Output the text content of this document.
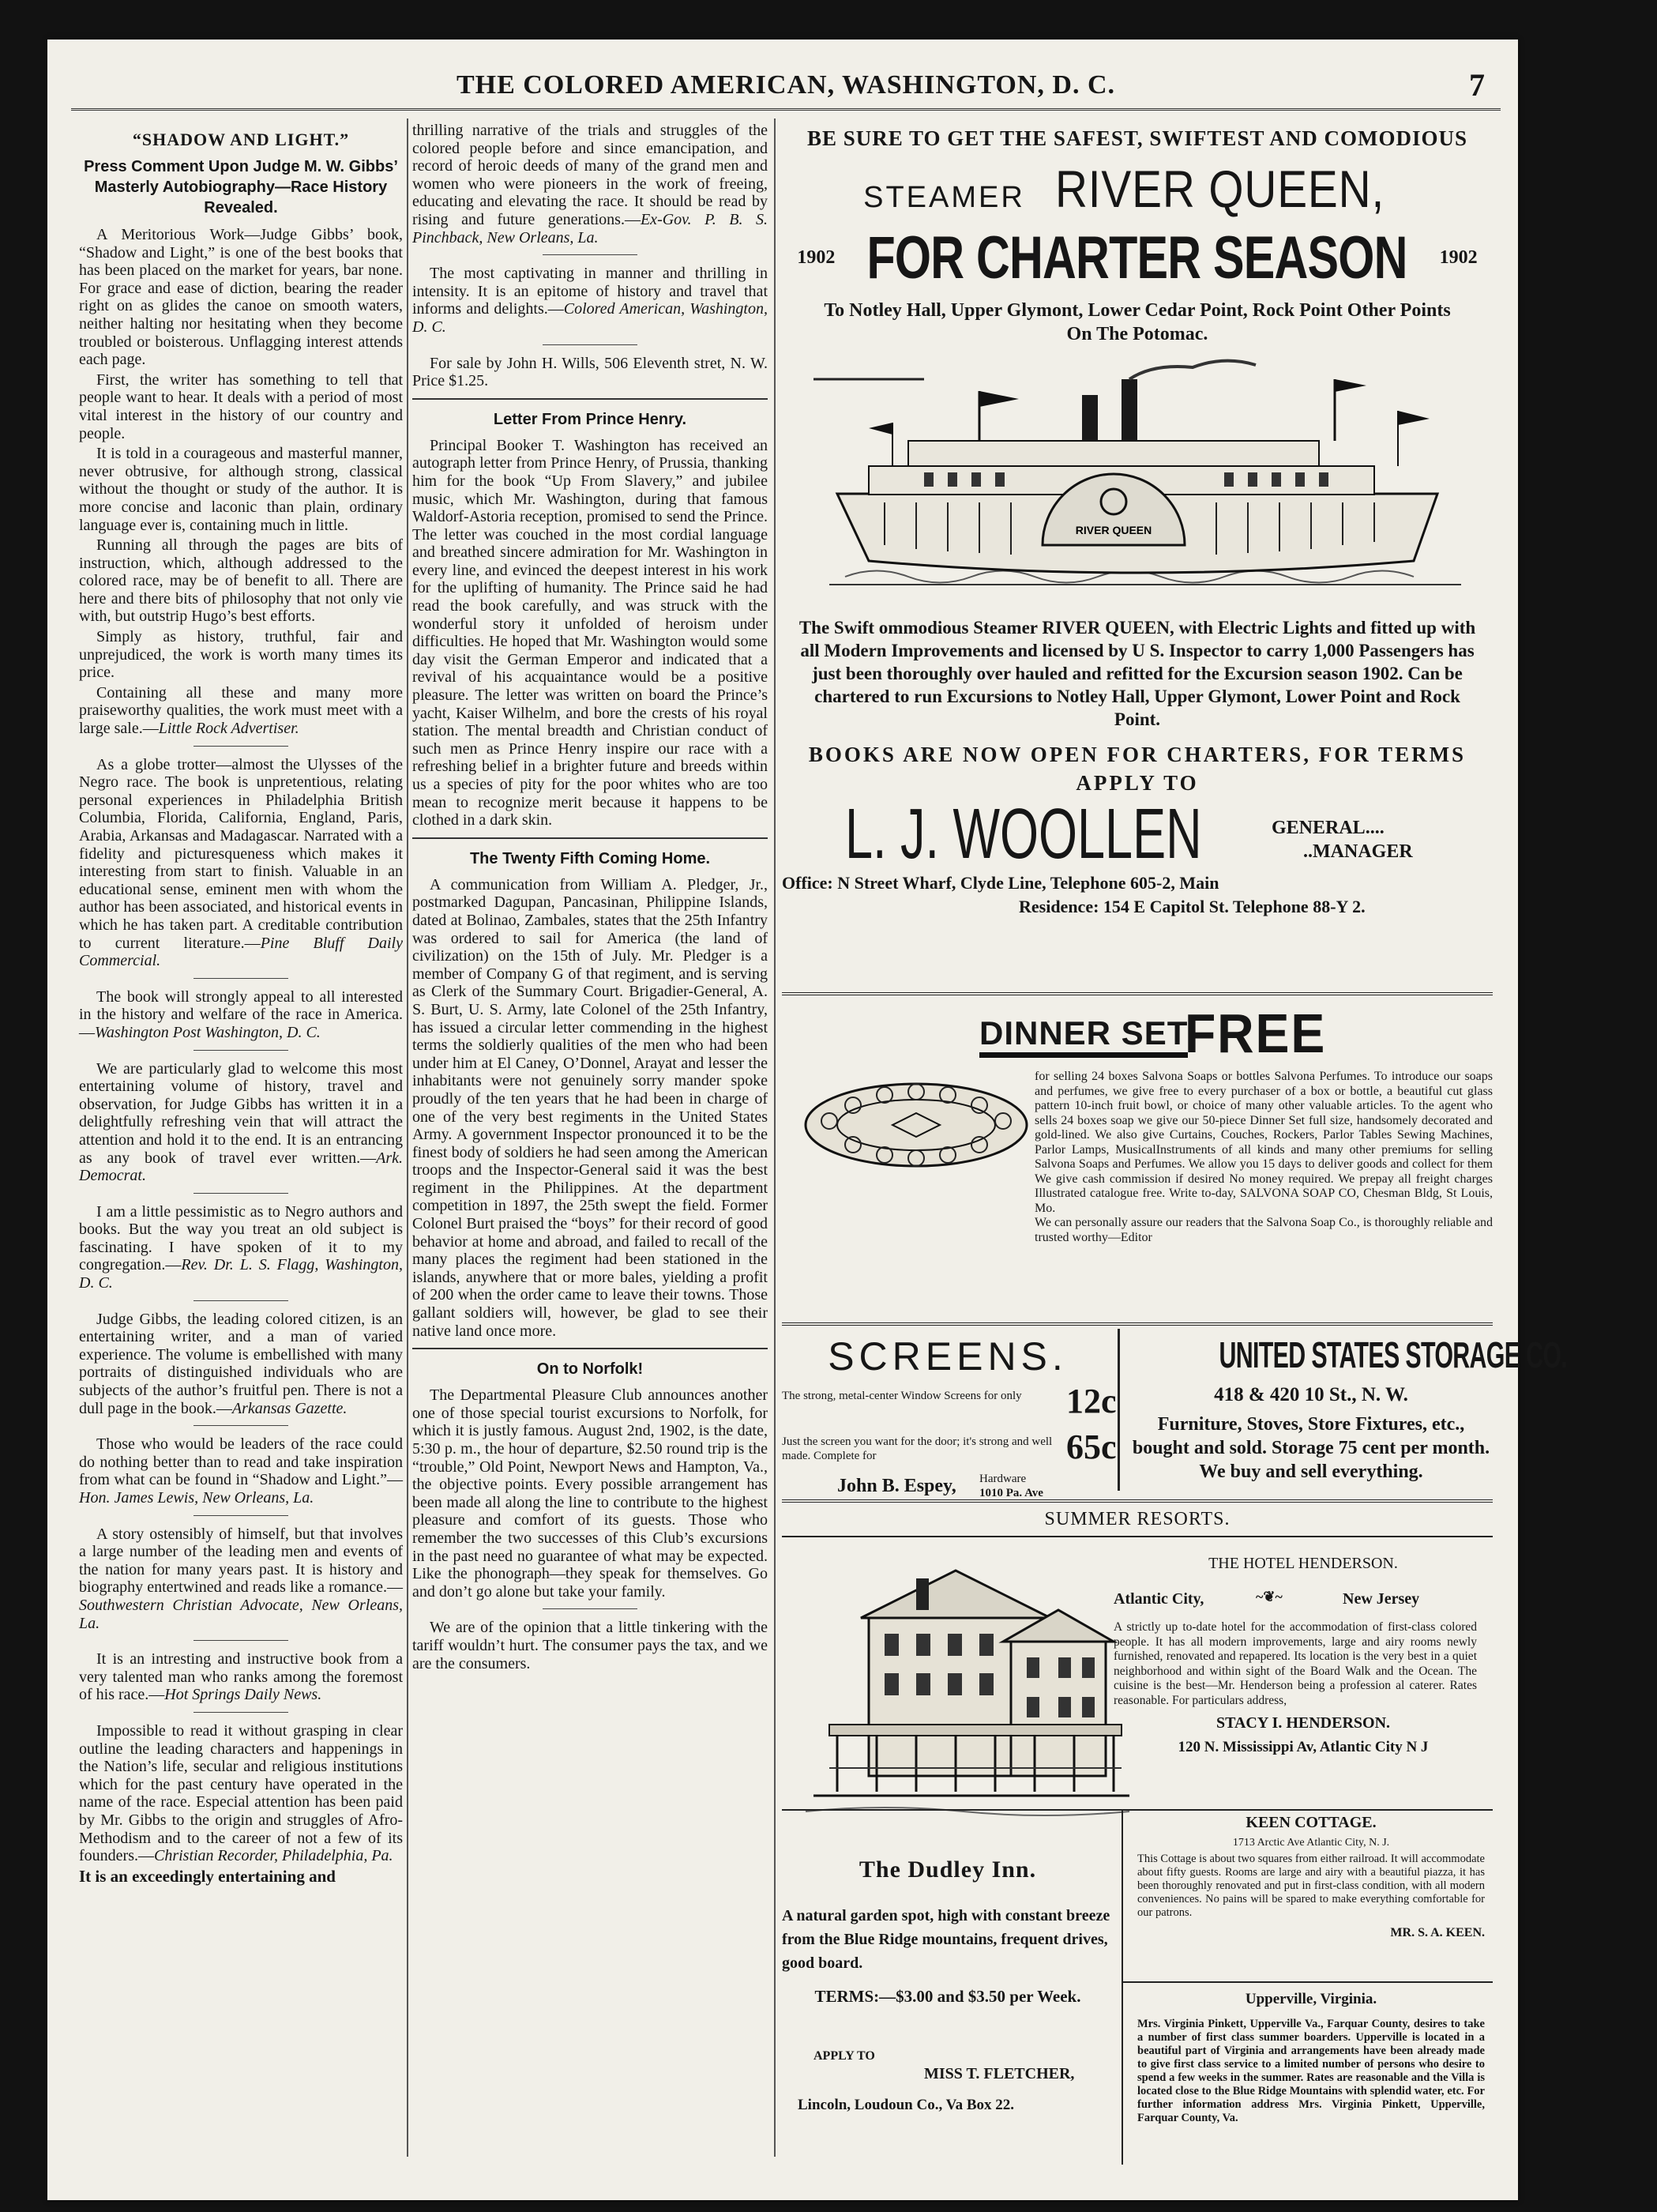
THE COLORED AMERICAN, WASHINGTON, D. C.	7
“SHADOW AND LIGHT.”
Press Comment Upon Judge M. W. Gibbs’ Masterly Autobiography—Race History Revealed.

A Meritorious Work—Judge Gibbs’ book, “Shadow and Light,” is one of the best books that has been placed on the market for years, bar none. For grace and ease of diction, bearing the reader right on as glides the canoe on smooth waters, neither halting nor hesitating when they become troubled or boisterous. Unflagging interest attends each page.

First, the writer has something to tell that people want to hear. It deals with a period of most vital interest in the history of our country and people.

It is told in a courageous and masterful manner, never obtrusive, for although strong, classical without the thought or study of the author. It is more concise and laconic than plain, ordinary language ever is, containing much in little.

Running all through the pages are bits of instruction, which, although addressed to the colored race, may be of benefit to all. There are here and there bits of philosophy that not only vie with, but outstrip Hugo’s best efforts.

Simply as history, truthful, fair and unprejudiced, the work is worth many times its price.

Containing all these and many more praiseworthy qualities, the work must meet with a large sale.—Little Rock Advertiser.

As a globe trotter—almost the Ulysses of the Negro race. The book is unpretentious, relating personal experiences in Philadelphia British Columbia, Florida, California, England, Paris, Arabia, Arkansas and Madagascar. Narrated with a fidelity and picturesqueness which makes it interesting from start to finish. Valuable in an educational sense, eminent men with whom the author has been associated, and historical events in which he has taken part. A creditable contribution to current literature.—Pine Bluff Daily Commercial.

The book will strongly appeal to all interested in the history and welfare of the race in America.—Washington Post Washington, D. C.

We are particularly glad to welcome this most entertaining volume of history, travel and observation, for Judge Gibbs has written it in a delightfully refreshing vein that will attract the attention and hold it to the end. It is an entrancing as any book of travel ever written.—Ark. Democrat.

I am a little pessimistic as to Negro authors and books. But the way you treat an old subject is fascinating. I have spoken of it to my congregation.—Rev. Dr. L. S. Flagg, Washington, D. C.

Judge Gibbs, the leading colored citizen, is an entertaining writer, and a man of varied experience. The volume is embellished with many portraits of distinguished individuals who are subjects of the author’s fruitful pen. There is not a dull page in the book.—Arkansas Gazette.

Those who would be leaders of the race could do nothing better than to read and take inspiration from what can be found in “Shadow and Light.”—Hon. James Lewis, New Orleans, La.

A story ostensibly of himself, but that involves a large number of the leading men and events of the nation for many years past. It is history and biography entertwined and reads like a romance.—Southwestern Christian Advocate, New Orleans, La.

It is an intresting and instructive book from a very talented man who ranks among the foremost of his race.—Hot Springs Daily News.

Impossible to read it without grasping in clear outline the leading characters and happenings in the Nation’s life, secular and religious institutions which for the past century have operated in the name of the race. Especial attention has been paid by Mr. Gibbs to the origin and struggles of Afro-Methodism and to the career of not a few of its founders.—Christian Recorder, Philadelphia, Pa.

It is an exceedingly entertaining and

thrilling narrative of the trials and struggles of the colored people before and since emancipation, and record of heroic deeds of many of the grand men and women who were pioneers in the work of freeing, educating and elevating the race. It should be read by rising and future generations.—Ex-Gov. P. B. S. Pinchback, New Orleans, La.

The most captivating in manner and thrilling in intensity. It is an epitome of history and travel that informs and delights.—Colored American, Washington, D. C.

For sale by John H. Wills, 506 Eleventh stret, N. W. Price $1.25.

Letter From Prince Henry.

Principal Booker T. Washington has received an autograph letter from Prince Henry, of Prussia, thanking him for the book “Up From Slavery,” and jubilee music, which Mr. Washington, during that famous Waldorf-Astoria reception, promised to send the Prince. The letter was couched in the most cordial language and breathed sincere admiration for Mr. Washington in every line, and evinced the deepest interest in his work for the uplifting of humanity. The Prince said he had read the book carefully, and was struck with the wonderful story it unfolded of heroism under difficulties. He hoped that Mr. Washington would some day visit the German Emperor and indicated that a revival of his acquaintance would be a positive pleasure. The letter was written on board the Prince’s yacht, Kaiser Wilhelm, and bore the crests of his royal station. The mental breadth and Christian conduct of such men as Prince Henry inspire our race with a refreshing belief in a brighter future and breeds within us a species of pity for the poor whites who are too mean to recognize merit because it happens to be clothed in a dark skin.

The Twenty Fifth Coming Home.

A communication from William A. Pledger, Jr., postmarked Dagupan, Pancasinan, Philippine Islands, dated at Bolinao, Zambales, states that the 25th Infantry was ordered to sail for America (the land of civilization) on the 15th of July. Mr. Pledger is a member of Company G of that regiment, and is serving as Clerk of the Summary Court. Brigadier-General, A. S. Burt, U. S. Army, late Colonel of the 25th Infantry, has issued a circular letter commending in the highest terms the soldierly qualities of the men who had been under him at El Caney, O’Donnel, Arayat and lesser the inhabitants were not genuinely sorry mander spoke proudly of the ten years that he had been in charge of one of the very best regiments in the United States Army. A government Inspector pronounced it to be the finest body of soldiers he had seen among the American troops and the Inspector-General said it was the best regiment in the Philippines. At the department competition in 1897, the 25th swept the field. Former Colonel Burt praised the “boys” for their record of good behavior at home and abroad, and failed to recall of the many places the regiment had been stationed in the islands, anywhere that or more bales, yielding a profit of 200 when the order came to leave their towns. Those gallant soldiers will, however, be glad to see their native land once more.

On to Norfolk!

The Departmental Pleasure Club announces another one of those special tourist excursions to Norfolk, for which it is justly famous. August 2nd, 1902, is the date, 5:30 p. m., the hour of departure, $2.50 round trip is the “trouble,” Old Point, Newport News and Hampton, Va., the objective points. Every possible arrangement has been made all along the line to contribute to the highest pleasure and comfort of its guests. Those who remember the two successes of this Club’s excursions in the past need no guarantee of what may be expected. Like the phonograph—they speak for themselves. Go and don’t go alone but take your family.

We are of the opinion that a little tinkering with the tariff wouldn’t hurt. The consumer pays the tax, and we are the consumers.

BE SURE TO GET THE SAFEST, SWIFTEST AND COMODIOUS
STEAMER RIVER QUEEN,
1902 FOR CHARTER SEASON 1902
To Notley Hall, Upper Glymont, Lower Cedar Point, Rock Point Other Points On The Potomac.
RIVER QUEEN
The Swift ommodious Steamer RIVER QUEEN, with Electric Lights and fitted up with all Modern Improvements and licensed by U S. Inspector to carry 1,000 Passengers has just been thoroughly over hauled and refitted for the Excursion season 1902. Can be chartered to run Excursions to Notley Hall, Upper Glymont, Lower Point and Rock Point.
BOOKS ARE NOW OPEN FOR CHARTERS, FOR TERMS APPLY TO
L. J. WOOLLEN	GENERAL....
..MANAGER
Office: N Street Wharf, Clyde Line, Telephone 605-2, Main
Residence: 154 E Capitol St. Telephone 88-Y 2.
DINNER SET
FREE

for selling 24 boxes Salvona Soaps or bottles Salvona Perfumes. To introduce our soaps and perfumes, we give free to every purchaser of a box or bottle, a beautiful cut glass pattern 10-inch fruit bowl, or choice of many other valuable articles. To the agent who sells 24 boxes soap we give our 50-piece Dinner Set full size, handsomely decorated and gold-lined. We also give Curtains, Couches, Rockers, Parlor Tables Sewing Machines, Parlor Lamps, MusicalInstruments of all kinds and many other premiums for selling Salvona Soaps and Perfumes. We allow you 15 days to deliver goods and collect for them We give cash commission if desired No money required. We prepay all freight charges Illustrated catalogue free. Write to-day, SALVONA SOAP CO, Chesman Bldg, St Louis, Mo.

We can personally assure our readers that the Salvona Soap Co., is thoroughly reliable and trusted worthy—Editor

SCREENS.
The strong, metal-center Window Screens for only	12c
Just the screen you want for the door; it's strong and well made. Complete for	65c
John B. Espey, Hardware
1010 Pa. Ave
UNITED STATES STORAGE CO.
418 & 420 10 St., N. W.
Furniture, Stoves, Store Fixtures, etc., bought and sold. Storage 75 cent per month. We buy and sell everything.
SUMMER RESORTS.
THE HOTEL HENDERSON.
Atlantic City,	~❦~	New Jersey

A strictly up to-date hotel for the accommodation of first-class colored people. It has all modern improvements, large and airy rooms newly furnished, renovated and repapered. Its location is the very best in a quiet neighborhood and within sight of the Board Walk and the Ocean. The cuisine is the best—Mr. Henderson being a profession al caterer. Rates reasonable. For particulars address,

STACY I. HENDERSON.
120 N. Mississippi Av, Atlantic City N J
The Dudley Inn.
A natural garden spot, high with constant breeze from the Blue Ridge mountains, frequent drives, good board.
TERMS:—$3.00 and $3.50 per Week.
APPLY TO
MISS T. FLETCHER,
Lincoln, Loudoun Co., Va Box 22.
KEEN COTTAGE.
1713 Arctic Ave Atlantic City, N. J.

This Cottage is about two squares from either railroad. It will accommodate about fifty guests. Rooms are large and airy with a beautiful piazza, it has been thoroughly renovated and put in first-class condition, with all modern conveniences. No pains will be spared to make everything comfortable for our patrons.

MR. S. A. KEEN.
Upperville, Virginia.

Mrs. Virginia Pinkett, Upperville Va., Farquar County, desires to take a number of first class summer boarders. Upperville is located in a beautiful part of Virginia and arrangements have been already made to give first class service to a limited number of persons who desire to spend a few weeks in the summer. Rates are reasonable and the Villa is located close to the Blue Ridge Mountains with splendid water, etc. For further information address Mrs. Virginia Pinkett, Upperville, Farquar County, Va.
